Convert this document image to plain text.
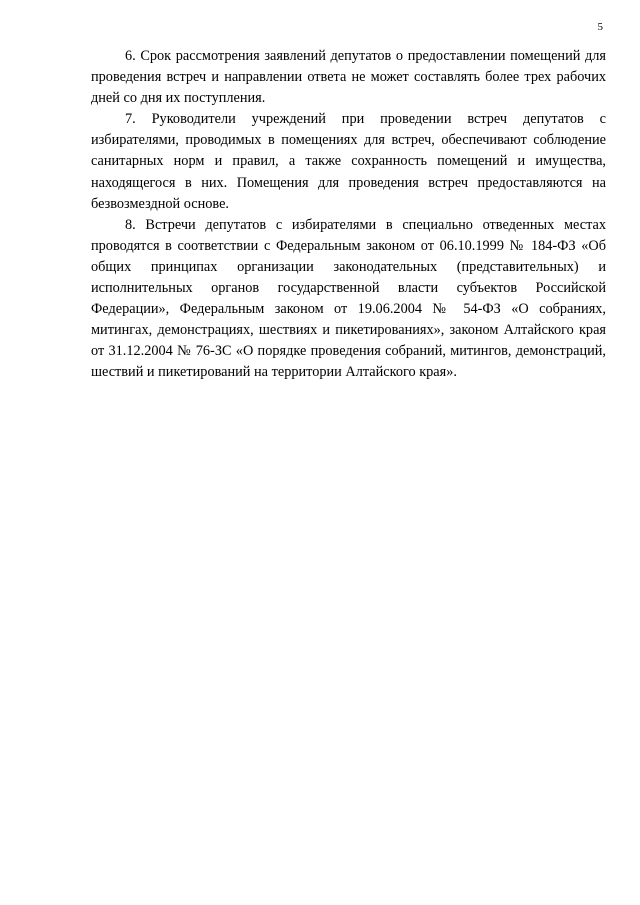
5

6. Срок рассмотрения заявлений депутатов о предоставлении помещений для проведения встреч и направлении ответа не может составлять более трех рабочих дней со дня их поступления.

7. Руководители учреждений при проведении встреч депутатов с избирателями, проводимых в помещениях для встреч, обеспечивают соблюдение санитарных норм и правил, а также сохранность помещений и имущества, находящегося в них. Помещения для проведения встреч предоставляются на безвозмездной основе.

8. Встречи депутатов с избирателями в специально отведенных местах проводятся в соответствии с Федеральным законом от 06.10.1999 № 184-ФЗ «Об общих принципах организации законодательных (представительных) и исполнительных органов государственной власти субъектов Российской Федерации», Федеральным законом от 19.06.2004 № 54-ФЗ «О собраниях, митингах, демонстрациях, шествиях и пикетированиях», законом Алтайского края от 31.12.2004 № 76-ЗС «О порядке проведения собраний, митингов, демонстраций, шествий и пикетирований на территории Алтайского края».
